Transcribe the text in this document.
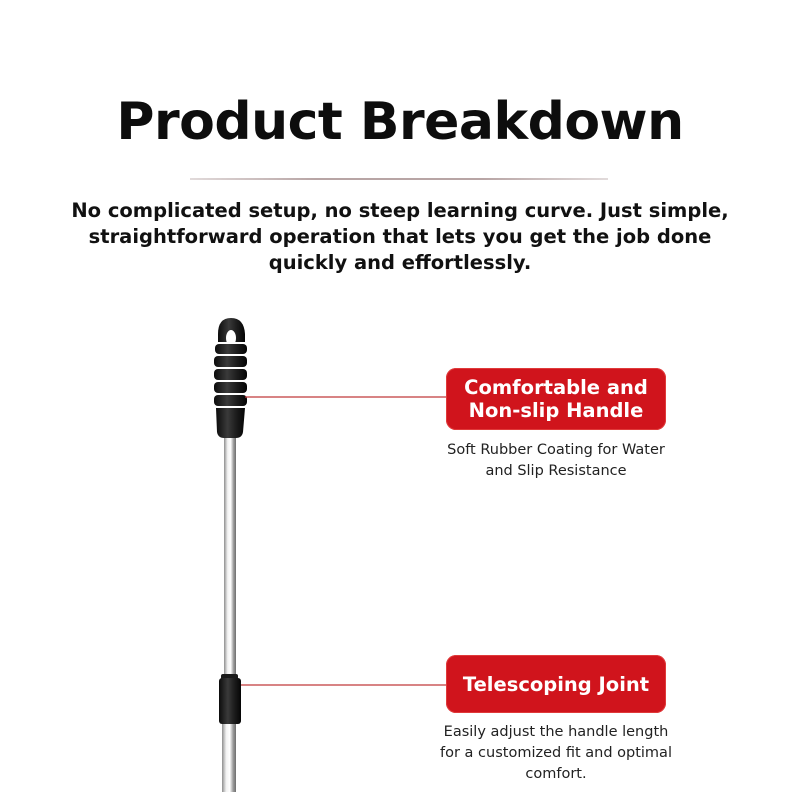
Product Breakdown
No complicated setup, no steep learning curve. Just simple, straightforward operation that lets you get the job done quickly and effortlessly.
Comfortable and Non-slip Handle
Soft Rubber Coating for Water and Slip Resistance
Telescoping Joint
Easily adjust the handle length for a customized fit and optimal comfort.
